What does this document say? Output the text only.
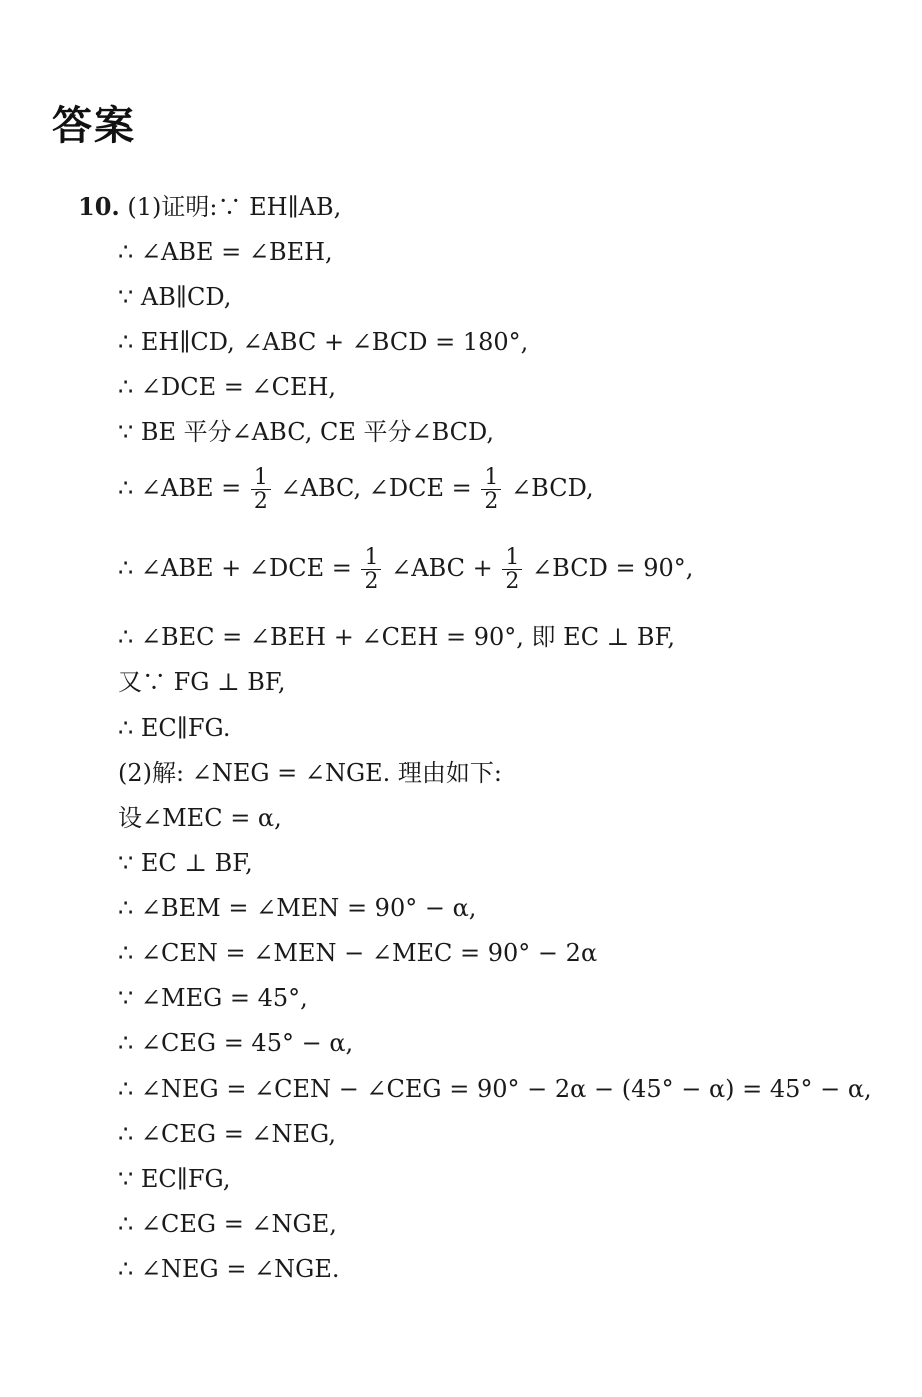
答案
10. (1)证明:∵ EH∥AB,
∴ ∠ABE = ∠BEH,
∵ AB∥CD,
∴ EH∥CD, ∠ABC + ∠BCD = 180°,
∴ ∠DCE = ∠CEH,
∵ BE 平分∠ABC, CE 平分∠BCD,
∴ ∠ABE = $\frac{1}{2}$ ∠ABC, ∠DCE = $\frac{1}{2}$ ∠BCD,
∴ ∠ABE + ∠DCE = $\frac{1}{2}$ ∠ABC + $\frac{1}{2}$ ∠BCD = 90°,
∴ ∠BEC = ∠BEH + ∠CEH = 90°, 即 EC ⊥ BF,
又∵ FG ⊥ BF,
∴ EC∥FG.
(2)解: ∠NEG = ∠NGE. 理由如下:
设∠MEC = α,
∵ EC ⊥ BF,
∴ ∠BEM = ∠MEN = 90° − α,
∴ ∠CEN = ∠MEN − ∠MEC = 90° − 2α
∵ ∠MEG = 45°,
∴ ∠CEG = 45° − α,
∴ ∠NEG = ∠CEN − ∠CEG = 90° − 2α − (45° − α) = 45° − α,
∴ ∠CEG = ∠NEG,
∵ EC∥FG,
∴ ∠CEG = ∠NGE,
∴ ∠NEG = ∠NGE.
